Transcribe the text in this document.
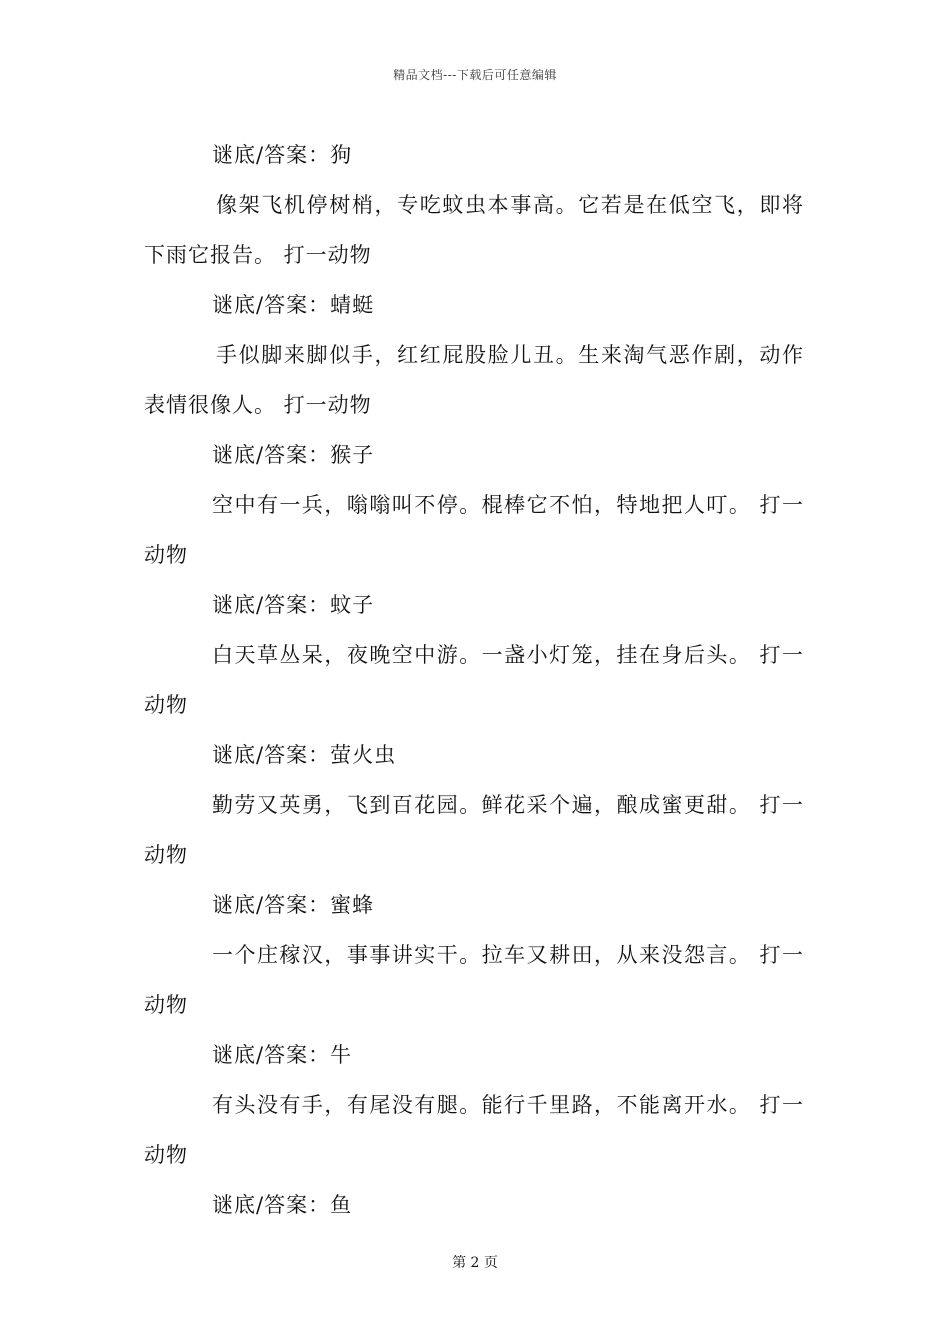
精品文档---下载后可任意编辑
谜底/答案：狗
像架飞机停树梢，专吃蚊虫本事高。它若是在低空飞，即将
下雨它报告。 打一动物
谜底/答案：蜻蜓
手似脚来脚似手，红红屁股脸儿丑。生来淘气恶作剧，动作
表情很像人。 打一动物
谜底/答案：猴子
空中有一兵，嗡嗡叫不停。棍棒它不怕，特地把人叮。 打一
动物
谜底/答案：蚊子
白天草丛呆，夜晚空中游。一盏小灯笼，挂在身后头。 打一
动物
谜底/答案：萤火虫
勤劳又英勇，飞到百花园。鲜花采个遍，酿成蜜更甜。 打一
动物
谜底/答案：蜜蜂
一个庄稼汉，事事讲实干。拉车又耕田，从来没怨言。 打一
动物
谜底/答案：牛
有头没有手，有尾没有腿。能行千里路，不能离开水。 打一
动物
谜底/答案：鱼
第 2 页
